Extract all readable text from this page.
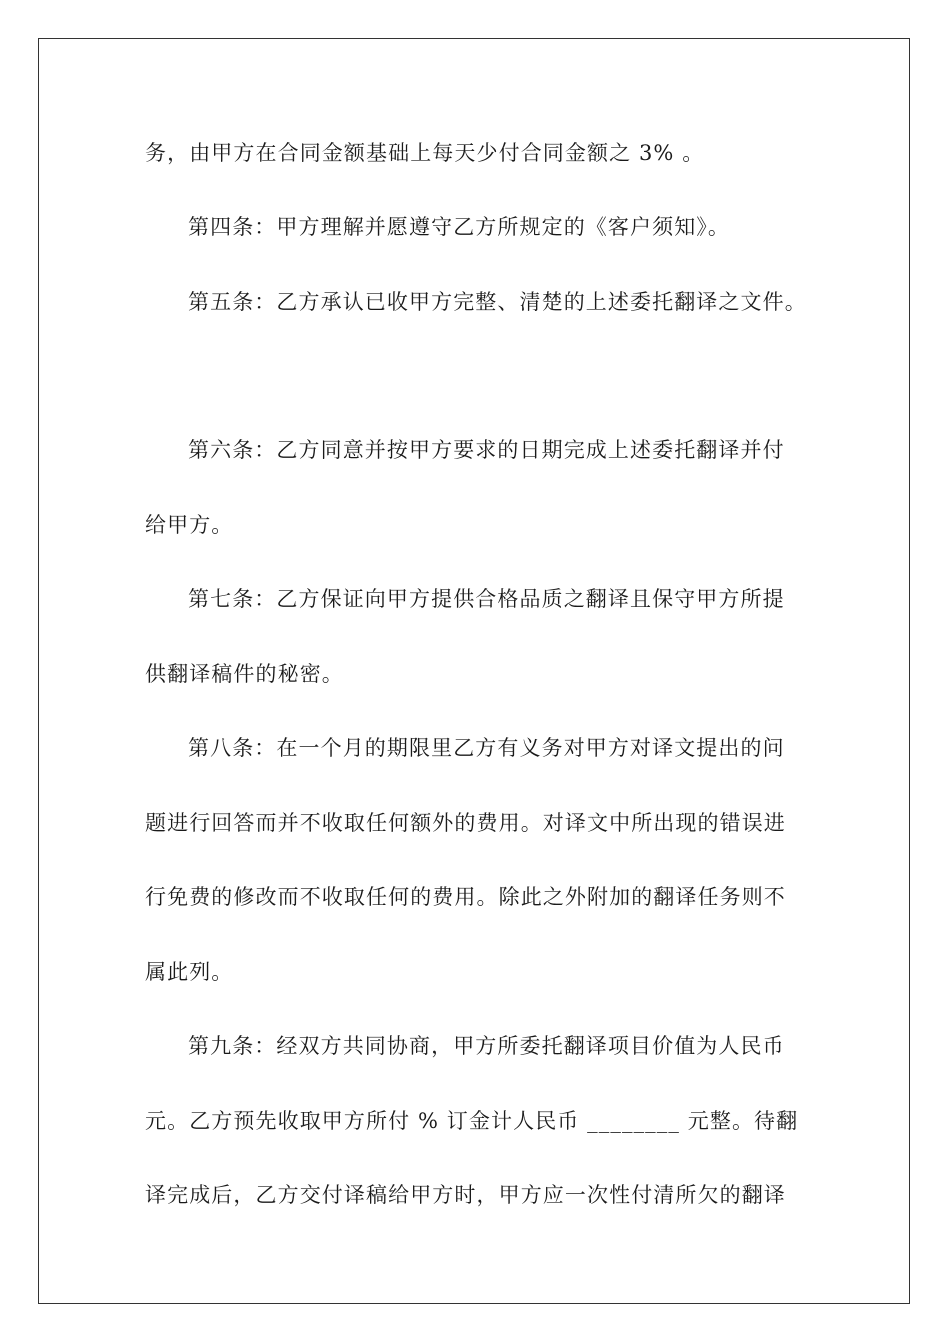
务，由甲方在合同金额基础上每天少付合同金额之 3% 。
第四条：甲方理解并愿遵守乙方所规定的《客户须知》。
第五条：乙方承认已收甲方完整、清楚的上述委托翻译之文件。
第六条：乙方同意并按甲方要求的日期完成上述委托翻译并付
给甲方。
第七条：乙方保证向甲方提供合格品质之翻译且保守甲方所提
供翻译稿件的秘密。
第八条：在一个月的期限里乙方有义务对甲方对译文提出的问
题进行回答而并不收取任何额外的费用。对译文中所出现的错误进
行免费的修改而不收取任何的费用。除此之外附加的翻译任务则不
属此列。
第九条：经双方共同协商，甲方所委托翻译项目价值为人民币
元。乙方预先收取甲方所付 % 订金计人民币 ________ 元整。待翻
译完成后，乙方交付译稿给甲方时，甲方应一次性付清所欠的翻译
